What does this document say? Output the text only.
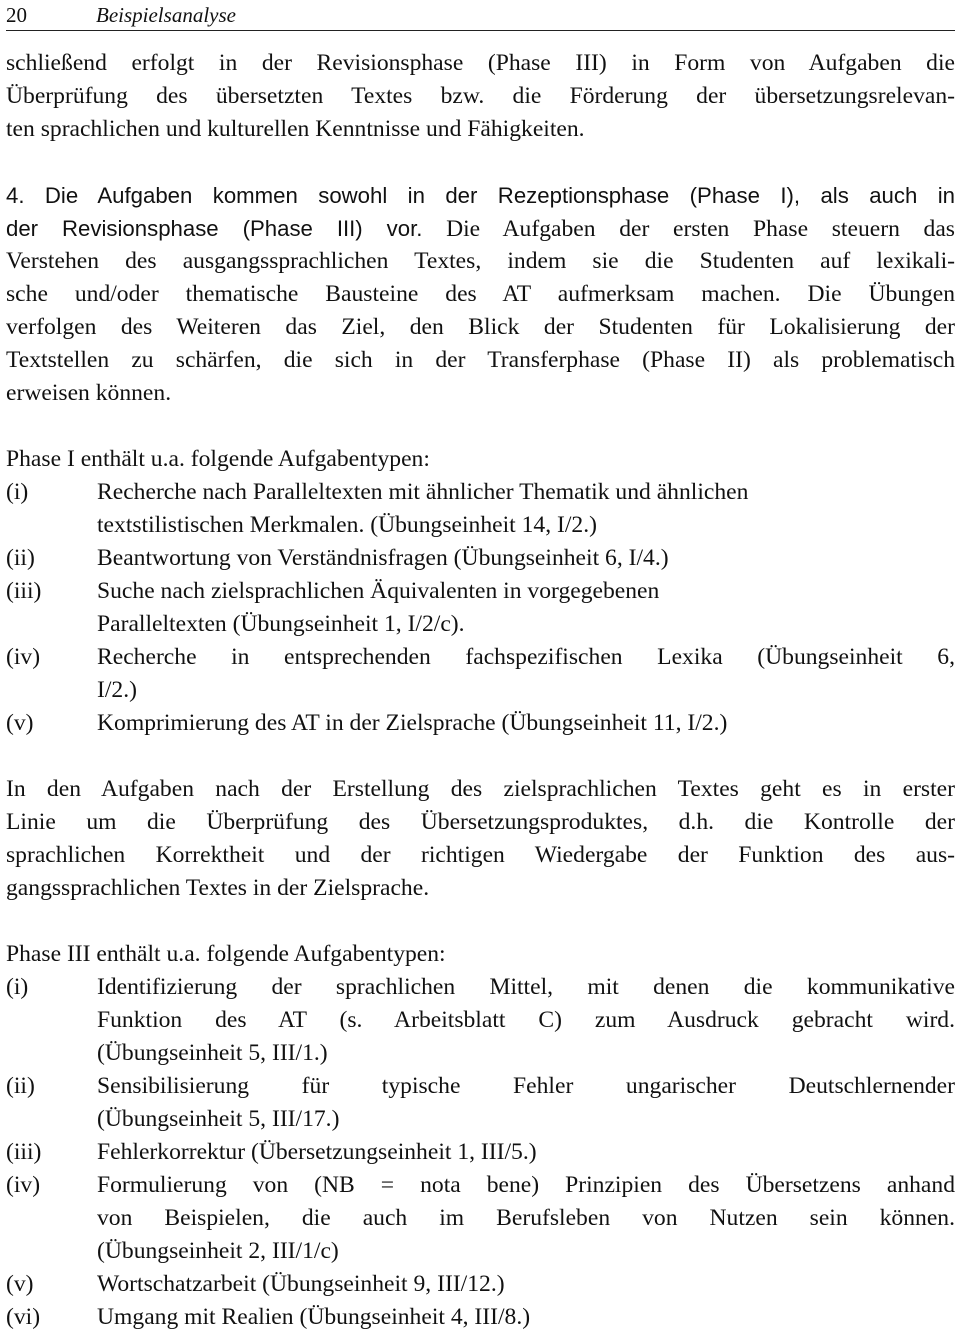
20	Beispielsanalyse
schließend erfolgt in der Revisionsphase (Phase III) in Form von Aufgaben die
Überprüfung des übersetzten Textes bzw. die Förderung der übersetzungsrelevan-
ten sprachlichen und kulturellen Kenntnisse und Fähigkeiten.
4. Die Aufgaben kommen sowohl in der Rezeptionsphase (Phase I), als auch in
der Revisionsphase (Phase III) vor. Die Aufgaben der ersten Phase steuern das
Verstehen des ausgangssprachlichen Textes, indem sie die Studenten auf lexikali-
sche und/oder thematische Bausteine des AT aufmerksam machen. Die Übungen
verfolgen des Weiteren das Ziel, den Blick der Studenten für Lokalisierung der
Textstellen zu schärfen, die sich in der Transferphase (Phase II) als problematisch
erweisen können.
Phase I enthält u.a. folgende Aufgabentypen:
(i)	Recherche nach Paralleltexten mit ähnlicher Thematik und ähnlichen
textstilistischen Merkmalen. (Übungseinheit 14, I/2.)
(ii)	Beantwortung von Verständnisfragen (Übungseinheit 6, I/4.)
(iii) Suche nach zielsprachlichen Äquivalenten in vorgegebenen
Paralleltexten (Übungseinheit 1, I/2/c).
(iv) Recherche in entsprechenden fachspezifischen Lexika (Übungseinheit 6,
I/2.)
(v)	Komprimierung des AT in der Zielsprache (Übungseinheit 11, I/2.)
In den Aufgaben nach der Erstellung des zielsprachlichen Textes geht es in erster
Linie um die Überprüfung des Übersetzungsproduktes, d.h. die Kontrolle der
sprachlichen Korrektheit und der richtigen Wiedergabe der Funktion des aus-
gangssprachlichen Textes in der Zielsprache.
Phase III enthält u.a. folgende Aufgabentypen:
(i)	Identifizierung der sprachlichen Mittel, mit denen die kommunikative
Funktion des AT (s. Arbeitsblatt C) zum Ausdruck gebracht wird.
(Übungseinheit 5, III/1.)
(ii)	Sensibilisierung für typische Fehler ungarischer Deutschlernender
(Übungseinheit 5, III/17.)
(iii) Fehlerkorrektur (Übersetzungseinheit 1, III/5.)
(iv) Formulierung von (NB = nota bene) Prinzipien des Übersetzens anhand
von Beispielen, die auch im Berufsleben von Nutzen sein können.
(Übungseinheit 2, III/1/c)
(v)	Wortschatzarbeit (Übungseinheit 9, III/12.)
(vi) Umgang mit Realien (Übungseinheit 4, III/8.)
